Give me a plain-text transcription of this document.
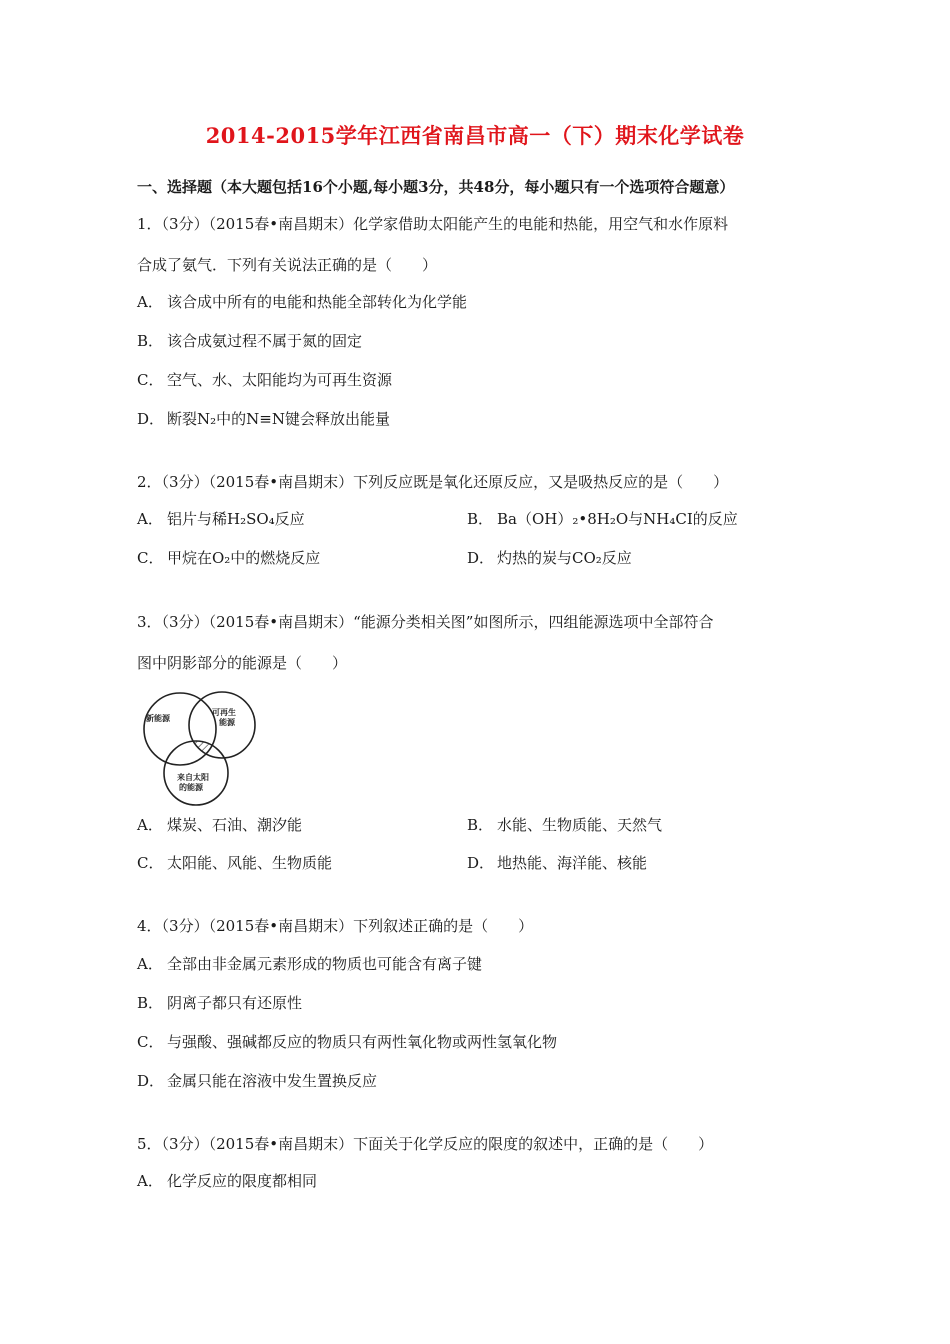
2014-2015学年江西省南昌市高一（下）期末化学试卷
一、选择题（本大题包括16个小题,每小题3分，共48分，每小题只有一个选项符合题意）
1．（3分）（2015春•南昌期末）化学家借助太阳能产生的电能和热能，用空气和水作原料
合成了氨气．下列有关说法正确的是（　　）
A． 该合成中所有的电能和热能全部转化为化学能
B． 该合成氨过程不属于氮的固定
C． 空气、水、太阳能均为可再生资源
D． 断裂N₂中的N≡N键会释放出能量
2．（3分）（2015春•南昌期末）下列反应既是氧化还原反应，又是吸热反应的是（　　）
A． 铝片与稀H₂SO₄反应	B． Ba（OH）₂•8H₂O与NH₄CI的反应
C． 甲烷在O₂中的燃烧反应	D． 灼热的炭与CO₂反应
3．（3分）（2015春•南昌期末）“能源分类相关图”如图所示，四组能源选项中全部符合
图中阴影部分的能源是（　　）
新能源
可再生
能源
来自太阳
的能源
A． 煤炭、石油、潮汐能	B． 水能、生物质能、天然气
C． 太阳能、风能、生物质能	D． 地热能、海洋能、核能
4．（3分）（2015春•南昌期末）下列叙述正确的是（　　）
A． 全部由非金属元素形成的物质也可能含有离子键
B． 阴离子都只有还原性
C． 与强酸、强碱都反应的物质只有两性氧化物或两性氢氧化物
D． 金属只能在溶液中发生置换反应
5．（3分）（2015春•南昌期末）下面关于化学反应的限度的叙述中，正确的是（　　）
A． 化学反应的限度都相同
